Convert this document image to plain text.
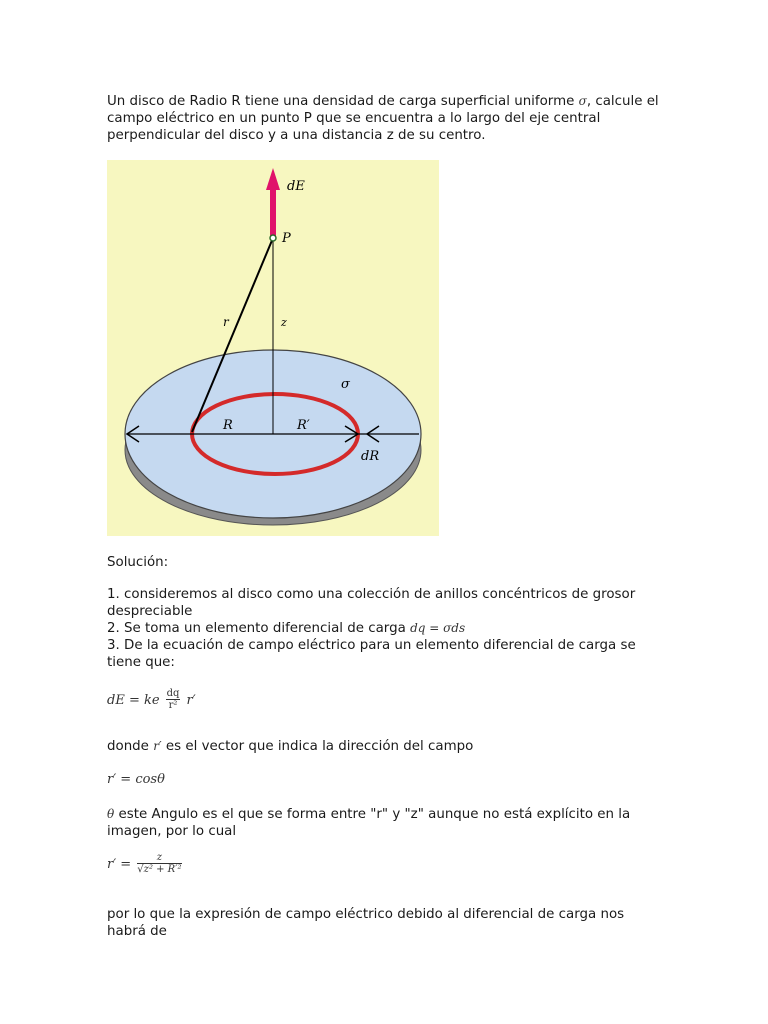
Un disco de Radio R tiene una densidad de carga superficial uniforme σ, calcule el campo eléctrico en un punto P que se encuentra a lo largo del eje central perpendicular del disco y a una distancia z de su centro.

dE
P
r	z
σ
R	R′
dR

Solución:

1. consideremos al disco como una colección de anillos concéntricos de grosor despreciable

2. Se toma un elemento diferencial de carga dq = σds

3. De la ecuación de campo eléctrico para un elemento diferencial de carga se tiene que:

dE = ke $\frac{dq}{\text{r²}} r'$

donde r′ es el vector que indica la dirección del campo

r′ = cosθ

θ este Angulo es el que se forma entre "r" y "z" aunque no está explícito en la imagen, por lo cual

$r' = \frac{z}{\text{√z² + R′²}}$

por lo que la expresión de campo eléctrico debido al diferencial de carga nos habrá de
